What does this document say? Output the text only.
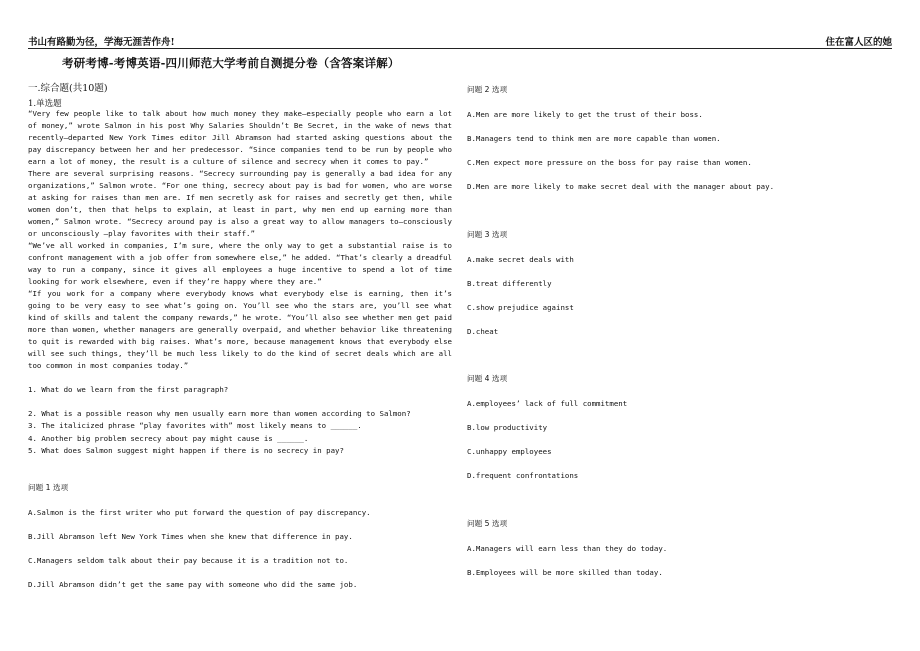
书山有路勤为径，学海无涯苦作舟!	住在富人区的她
考研考博-考博英语-四川师范大学考前自测提分卷（含答案详解）
一.综合题(共10题)
1.单选题

“Very few people like to talk about how much money they make—especially people who earn a lot of money,” wrote Salmon in his post Why Salaries Shouldn’t Be Secret, in the wake of news that recently—departed New York Times editor Jill Abramson had started asking questions about the pay discrepancy between her and her predecessor. “Since companies tend to be run by people who earn a lot of money, the result is a culture of silence and secrecy when it comes to pay.”

There are several surprising reasons. “Secrecy surrounding pay is generally a bad idea for any organizations,” Salmon wrote. “For one thing, secrecy about pay is bad for women, who are worse at asking for raises than men are. If men secretly ask for raises and secretly get then, while women don’t, then that helps to explain, at least in part, why men end up earning more than women,” Salmon wrote. “Secrecy around pay is also a great way to allow managers to—consciously or unconsciously —play favorites with their staff.”

“We’ve all worked in companies, I’m sure, where the only way to get a substantial raise is to confront management with a job offer from somewhere else,” he added. “That’s clearly a dreadful way to run a company, since it gives all employees a huge incentive to spend a lot of time looking for work elsewhere, even if they’re happy where they are.”

“If you work for a company where everybody knows what everybody else is earning, then it’s going to be very easy to see what’s going on. You’ll see who the stars are, you’ll see what kind of skills and talent the company rewards,” he wrote. “You’ll also see whether men get paid more than women, whether managers are generally overpaid, and whether behavior like threatening to quit is rewarded with big raises. What’s more, because management knows that everybody else will see such things, they’ll be much less likely to do the kind of secret deals which are all too common in most companies today.”

1. What do we learn from the first paragraph?
2. What is a possible reason why men usually earn more than women according to Salmon?
3. The italicized phrase “play favorites with” most likely means to ______.
4. Another big problem secrecy about pay might cause is ______.
5. What does Salmon suggest might happen if there is no secrecy in pay?
问题 1 选项
A.Salmon is the first writer who put forward the question of pay discrepancy.
B.Jill Abramson left New York Times when she knew that difference in pay.
C.Managers seldom talk about their pay because it is a tradition not to.
D.Jill Abramson didn’t get the same pay with someone who did the same job.
问题 2 选项
A.Men are more likely to get the trust of their boss.
B.Managers tend to think men are more capable than women.
C.Men expect more pressure on the boss for pay raise than women.
D.Men are more likely to make secret deal with the manager about pay.
问题 3 选项
A.make secret deals with
B.treat differently
C.show prejudice against
D.cheat
问题 4 选项
A.employees’ lack of full commitment
B.low productivity
C.unhappy employees
D.frequent confrontations
问题 5 选项
A.Managers will earn less than they do today.
B.Employees will be more skilled than today.
